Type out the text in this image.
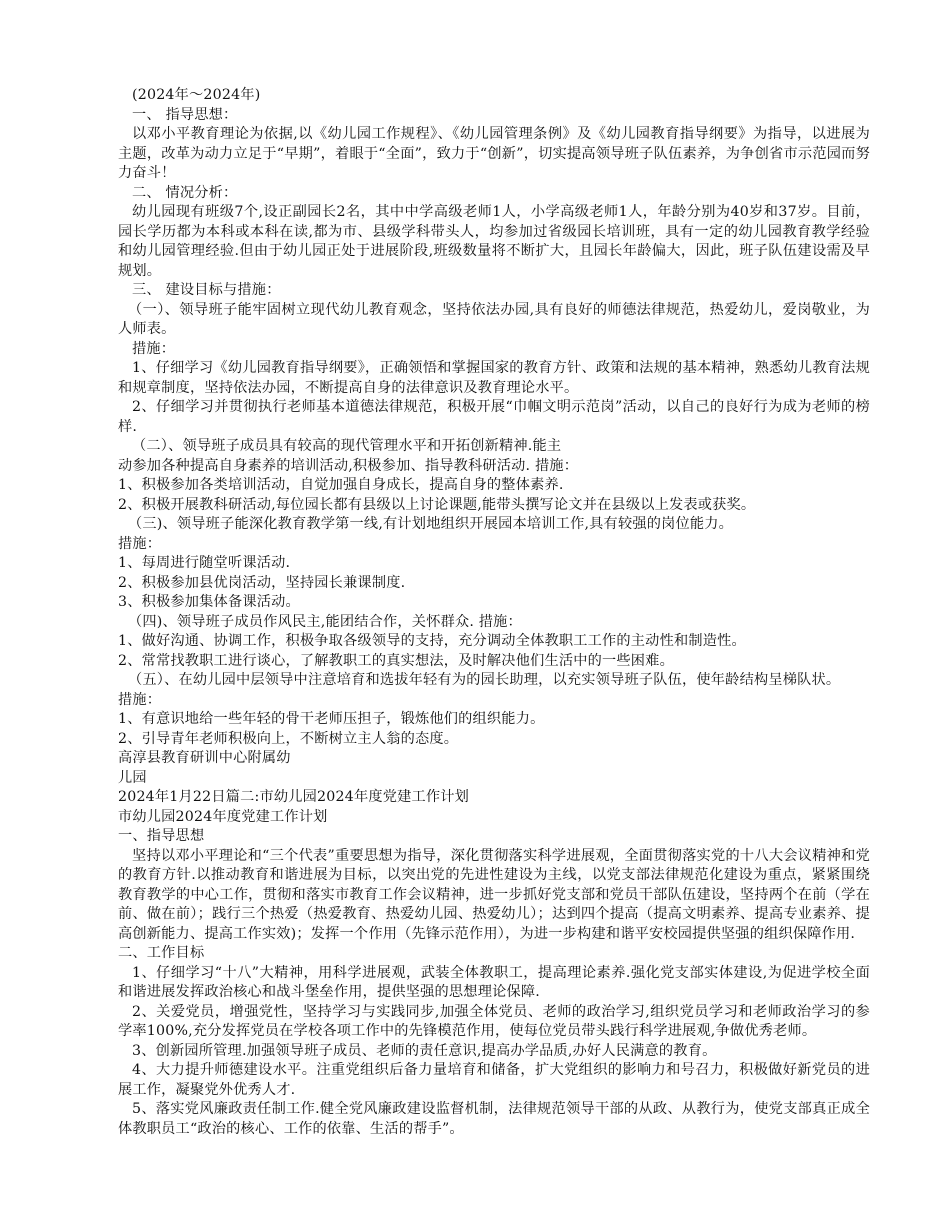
(2024年～2024年)

一、 指导思想：

以邓小平教育理论为依据,以《幼儿园工作规程》、《幼儿园管理条例》及《幼儿园教育指导纲要》为指导，以进展为主题，改革为动力立足于“早期”，着眼于“全面”，致力于“创新”，切实提高领导班子队伍素养，为争创省市示范园而努力奋斗！

二、 情况分析：

幼儿园现有班级7个,设正副园长2名，其中中学高级老师1人，小学高级老师1人，年龄分别为40岁和37岁。目前，园长学历都为本科或本科在读,都为市、县级学科带头人，均参加过省级园长培训班，具有一定的幼儿园教育教学经验和幼儿园管理经验.但由于幼儿园正处于进展阶段,班级数量将不断扩大，且园长年龄偏大，因此，班子队伍建设需及早规划。

三、 建设目标与措施：

（一）、领导班子能牢固树立现代幼儿教育观念，坚持依法办园,具有良好的师德法律规范，热爱幼儿，爱岗敬业，为人师表。

措施：

1、仔细学习《幼儿园教育指导纲要》，正确领悟和掌握国家的教育方针、政策和法规的基本精神，熟悉幼儿教育法规和规章制度，坚持依法办园，不断提高自身的法律意识及教育理论水平。

2、仔细学习并贯彻执行老师基本道德法律规范，积极开展“巾帼文明示范岗”活动，以自己的良好行为成为老师的榜样.

（二）、领导班子成员具有较高的现代管理水平和开拓创新精神.能主

动参加各种提高自身素养的培训活动,积极参加、指导教科研活动. 措施：

1、积极参加各类培训活动，自觉加强自身成长，提高自身的整体素养.

2、积极开展教科研活动,每位园长都有县级以上讨论课题,能带头撰写论文并在县级以上发表或获奖。

（三)、领导班子能深化教育教学第一线,有计划地组织开展园本培训工作,具有较强的岗位能力。

措施：

1、每周进行随堂听课活动.

2、积极参加县优岗活动，坚持园长兼课制度.

3、积极参加集体备课活动。

（四)、领导班子成员作风民主,能团结合作，关怀群众. 措施：

1、做好沟通、协调工作，积极争取各级领导的支持，充分调动全体教职工工作的主动性和制造性。

2、常常找教职工进行谈心，了解教职工的真实想法，及时解决他们生活中的一些困难。

（五）、在幼儿园中层领导中注意培育和选拔年轻有为的园长助理，以充实领导班子队伍，使年龄结构呈梯队状。

措施：

1、有意识地给一些年轻的骨干老师压担子，锻炼他们的组织能力。

2、引导青年老师积极向上，不断树立主人翁的态度。

高淳县教育研训中心附属幼

儿园

2024年1月22日篇二:市幼儿园2024年度党建工作计划

市幼儿园2024年度党建工作计划

一、指导思想

坚持以邓小平理论和“三个代表”重要思想为指导，深化贯彻落实科学进展观，全面贯彻落实党的十八大会议精神和党的教育方针.以推动教育和谐进展为目标，以突出党的先进性建设为主线，以党支部法律规范化建设为重点，紧紧围绕教育教学的中心工作，贯彻和落实市教育工作会议精神，进一步抓好党支部和党员干部队伍建设，坚持两个在前（学在前、做在前）；践行三个热爱（热爱教育、热爱幼儿园、热爱幼儿）；达到四个提高（提高文明素养、提高专业素养、提高创新能力、提高工作实效)；发挥一个作用（先锋示范作用），为进一步构建和谐平安校园提供坚强的组织保障作用.

二、工作目标

1、仔细学习“十八”大精神，用科学进展观，武装全体教职工，提高理论素养.强化党支部实体建设,为促进学校全面和谐进展发挥政治核心和战斗堡垒作用，提供坚强的思想理论保障.

2、关爱党员，增强党性，坚持学习与实践同步,加强全体党员、老师的政治学习,组织党员学习和老师政治学习的参学率100%,充分发挥党员在学校各项工作中的先锋模范作用，使每位党员带头践行科学进展观,争做优秀老师。

3、创新园所管理.加强领导班子成员、老师的责任意识,提高办学品质,办好人民满意的教育。

4、大力提升师德建设水平。注重党组织后备力量培育和储备，扩大党组织的影响力和号召力，积极做好新党员的进展工作，凝聚党外优秀人才.

5、落实党风廉政责任制工作.健全党风廉政建设监督机制，法律规范领导干部的从政、从教行为，使党支部真正成全体教职员工“政治的核心、工作的依靠、生活的帮手”。
